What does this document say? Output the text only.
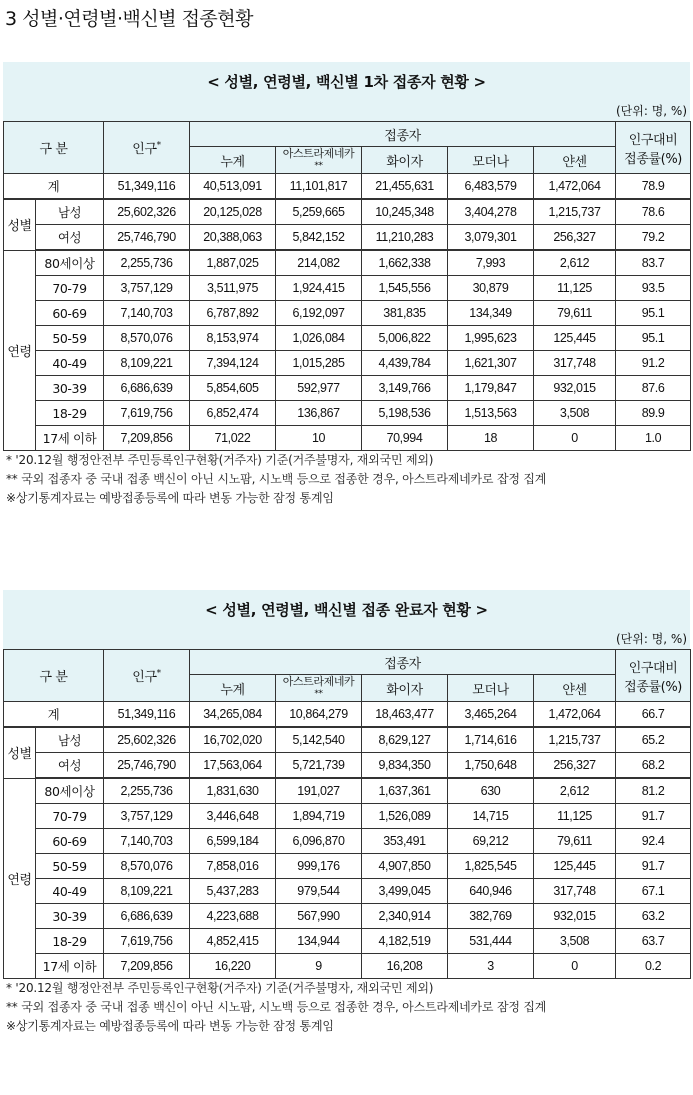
3 성별·연령별·백신별 접종현황
< 성별, 연령별, 백신별 1차 접종자 현황 >
(단위: 명, %)
구 분		인구*	접종자					인구대비
접종률(%)

			누계	아스트라제네카
**	화이자	모더나	얀센	
계		51,349,116	40,513,091	11,101,817	21,455,631	6,483,579	1,472,064	78.9
성별	남성	25,602,326	20,125,028	5,259,665	10,245,348	3,404,278	1,215,737	78.6
	여성	25,746,790	20,388,063	5,842,152	11,210,283	3,079,301	256,327	79.2
연령	80세이상	2,255,736	1,887,025	214,082	1,662,338	7,993	2,612	83.7
	70-79	3,757,129	3,511,975	1,924,415	1,545,556	30,879	11,125	93.5
	60-69	7,140,703	6,787,892	6,192,097	381,835	134,349	79,611	95.1
	50-59	8,570,076	8,153,974	1,026,084	5,006,822	1,995,623	125,445	95.1
	40-49	8,109,221	7,394,124	1,015,285	4,439,784	1,621,307	317,748	91.2
	30-39	6,686,639	5,854,605	592,977	3,149,766	1,179,847	932,015	87.6
	18-29	7,619,756	6,852,474	136,867	5,198,536	1,513,563	3,508	89.9
	17세 이하	7,209,856	71,022	10	70,994	18	0	1.0
* '20.12월 행정안전부 주민등록인구현황(거주자) 기준(거주불명자, 재외국민 제외)
** 국외 접종자 중 국내 접종 백신이 아닌 시노팜, 시노백 등으로 접종한 경우, 아스트라제네카로 잡정 집계
※상기통계자료는 예방접종등록에 따라 변동 가능한 잠정 통계임
< 성별, 연령별, 백신별 접종 완료자 현황 >
(단위: 명, %)
구 분		인구*	접종자					인구대비
접종률(%)

			누계	아스트라제네카
**	화이자	모더나	얀센	
계		51,349,116	34,265,084	10,864,279	18,463,477	3,465,264	1,472,064	66.7
성별	남성	25,602,326	16,702,020	5,142,540	8,629,127	1,714,616	1,215,737	65.2
	여성	25,746,790	17,563,064	5,721,739	9,834,350	1,750,648	256,327	68.2
연령	80세이상	2,255,736	1,831,630	191,027	1,637,361	630	2,612	81.2
	70-79	3,757,129	3,446,648	1,894,719	1,526,089	14,715	11,125	91.7
	60-69	7,140,703	6,599,184	6,096,870	353,491	69,212	79,611	92.4
	50-59	8,570,076	7,858,016	999,176	4,907,850	1,825,545	125,445	91.7
	40-49	8,109,221	5,437,283	979,544	3,499,045	640,946	317,748	67.1
	30-39	6,686,639	4,223,688	567,990	2,340,914	382,769	932,015	63.2
	18-29	7,619,756	4,852,415	134,944	4,182,519	531,444	3,508	63.7
	17세 이하	7,209,856	16,220	9	16,208	3	0	0.2
* '20.12월 행정안전부 주민등록인구현황(거주자) 기준(거주불명자, 재외국민 제외)
** 국외 접종자 중 국내 접종 백신이 아닌 시노팜, 시노백 등으로 접종한 경우, 아스트라제네카로 잠정 집계
※상기통계자료는 예방접종등록에 따라 변동 가능한 잠정 통계임
